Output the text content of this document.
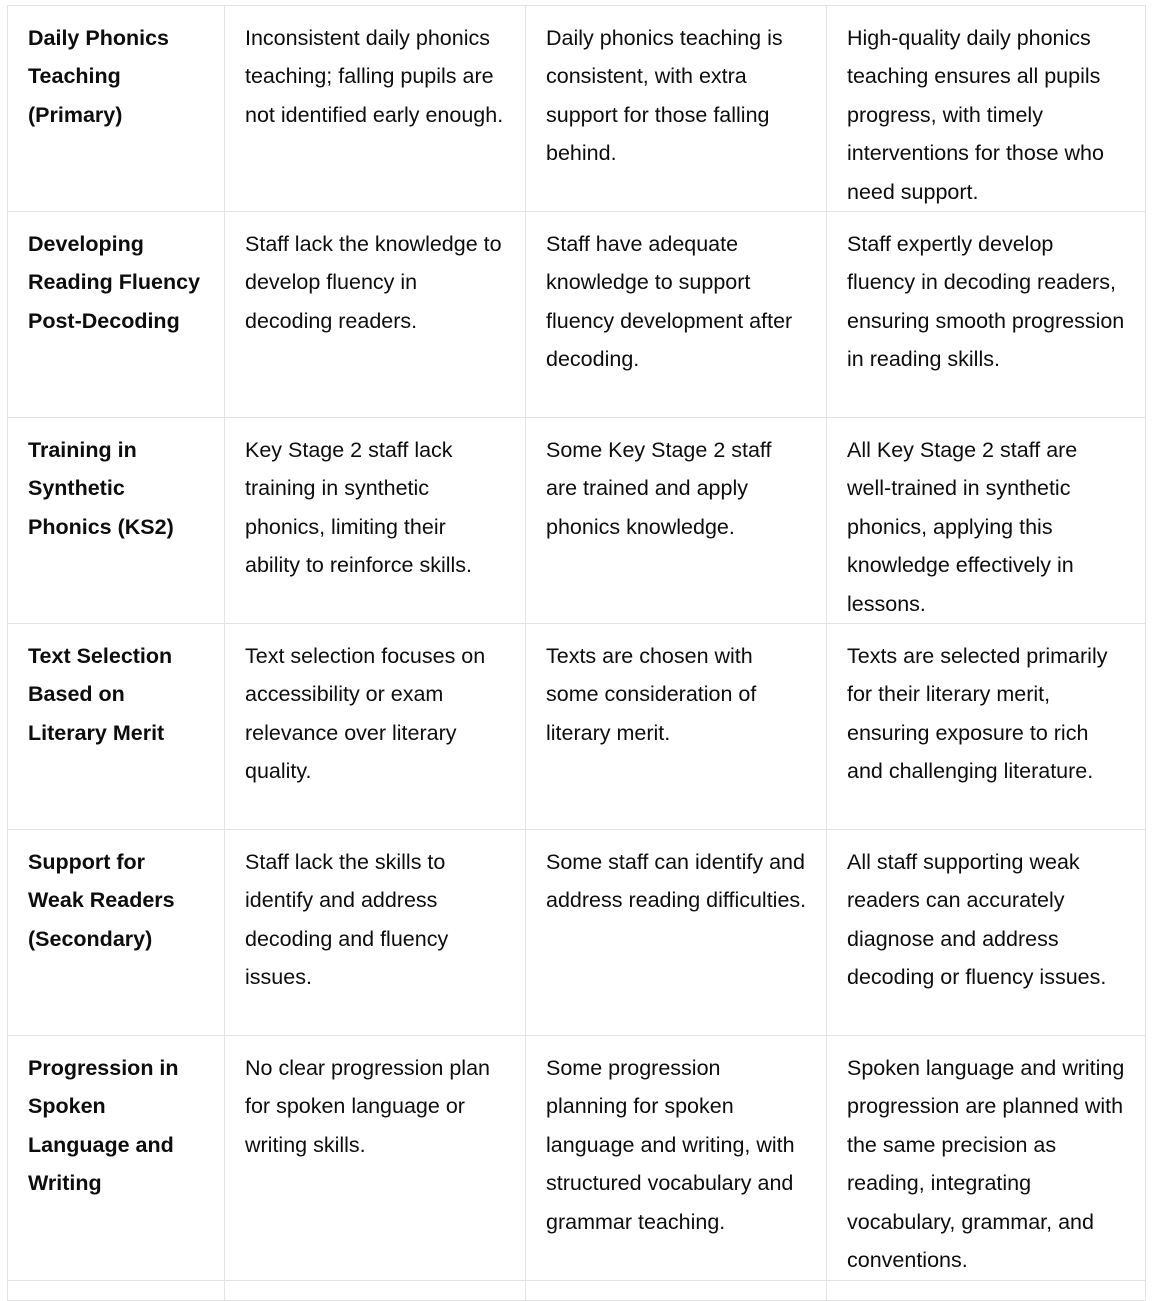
Daily Phonics Teaching (Primary)	Inconsistent daily phonics teaching; falling pupils are not identified early enough.	Daily phonics teaching is consistent, with extra support for those falling behind.	High-quality daily phonics teaching ensures all pupils progress, with timely interventions for those who need support.

Developing Reading Fluency Post-Decoding	Staff lack the knowledge to develop fluency in decoding readers.	Staff have adequate knowledge to support fluency development after decoding.	Staff expertly develop fluency in decoding readers, ensuring smooth progression in reading skills.

Training in Synthetic Phonics (KS2)	Key Stage 2 staff lack training in synthetic phonics, limiting their ability to reinforce skills.	Some Key Stage 2 staff are trained and apply phonics knowledge.	All Key Stage 2 staff are well-trained in synthetic phonics, applying this knowledge effectively in lessons.

Text Selection Based on Literary Merit	Text selection focuses on accessibility or exam relevance over literary quality.	Texts are chosen with some consideration of literary merit.	Texts are selected primarily for their literary merit, ensuring exposure to rich and challenging literature.

Support for Weak Readers (Secondary)	Staff lack the skills to identify and address decoding and fluency issues.	Some staff can identify and address reading difficulties.	All staff supporting weak readers can accurately diagnose and address decoding or fluency issues.

Progression in Spoken Language and Writing	No clear progression plan for spoken language or writing skills.	Some progression planning for spoken language and writing, with structured vocabulary and grammar teaching.	Spoken language and writing progression are planned with the same precision as reading, integrating vocabulary, grammar, and conventions.
